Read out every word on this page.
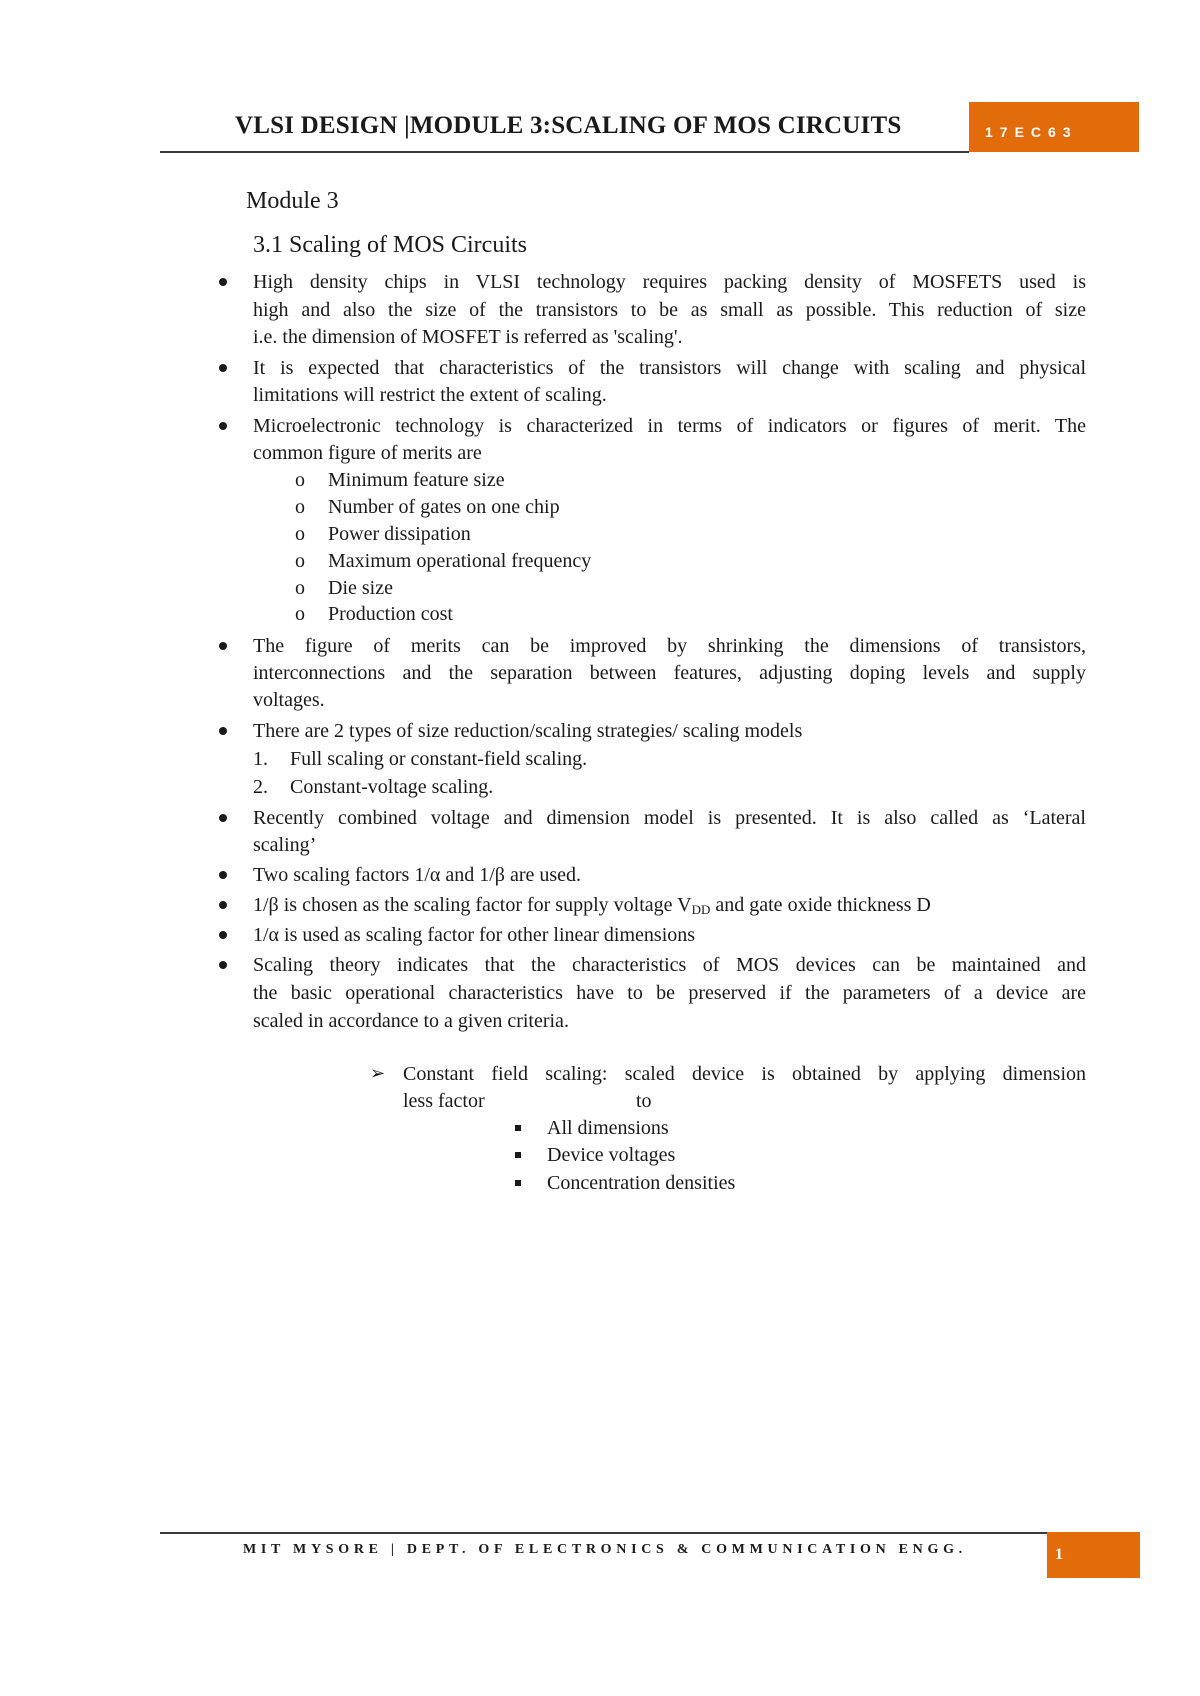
VLSI DESIGN |MODULE 3:SCALING OF MOS CIRCUITS	17EC63
Module 3
3.1 Scaling of MOS Circuits
High density chips in VLSI technology requires packing density of MOSFETS used is
high and also the size of the transistors to be as small as possible. This reduction of size
i.e. the dimension of MOSFET is referred as 'scaling'.
It is expected that characteristics of the transistors will change with scaling and physical
limitations will restrict the extent of scaling.
Microelectronic technology is characterized in terms of indicators or figures of merit. The
common figure of merits are
o Minimum feature size
o Number of gates on one chip
o Power dissipation
o Maximum operational frequency
o Die size
o Production cost
The figure of merits can be improved by shrinking the dimensions of transistors,
interconnections and the separation between features, adjusting doping levels and supply
voltages.
There are 2 types of size reduction/scaling strategies/ scaling models
1. Full scaling or constant-field scaling.
2. Constant-voltage scaling.
Recently combined voltage and dimension model is presented. It is also called as ‘Lateral
scaling’
Two scaling factors 1/α and 1/β are used.
1/β is chosen as the scaling factor for supply voltage $V_{DD}$ and gate oxide thickness D
1/α is used as scaling factor for other linear dimensions
Scaling theory indicates that the characteristics of MOS devices can be maintained and
the basic operational characteristics have to be preserved if the parameters of a device are
scaled in accordance to a given criteria.
➢ Constant field scaling: scaled device is obtained by applying dimension
less factor	to
All dimensions
Device voltages
Concentration densities
MIT MYSORE | DEPT. OF ELECTRONICS & COMMUNICATION ENGG.	1
